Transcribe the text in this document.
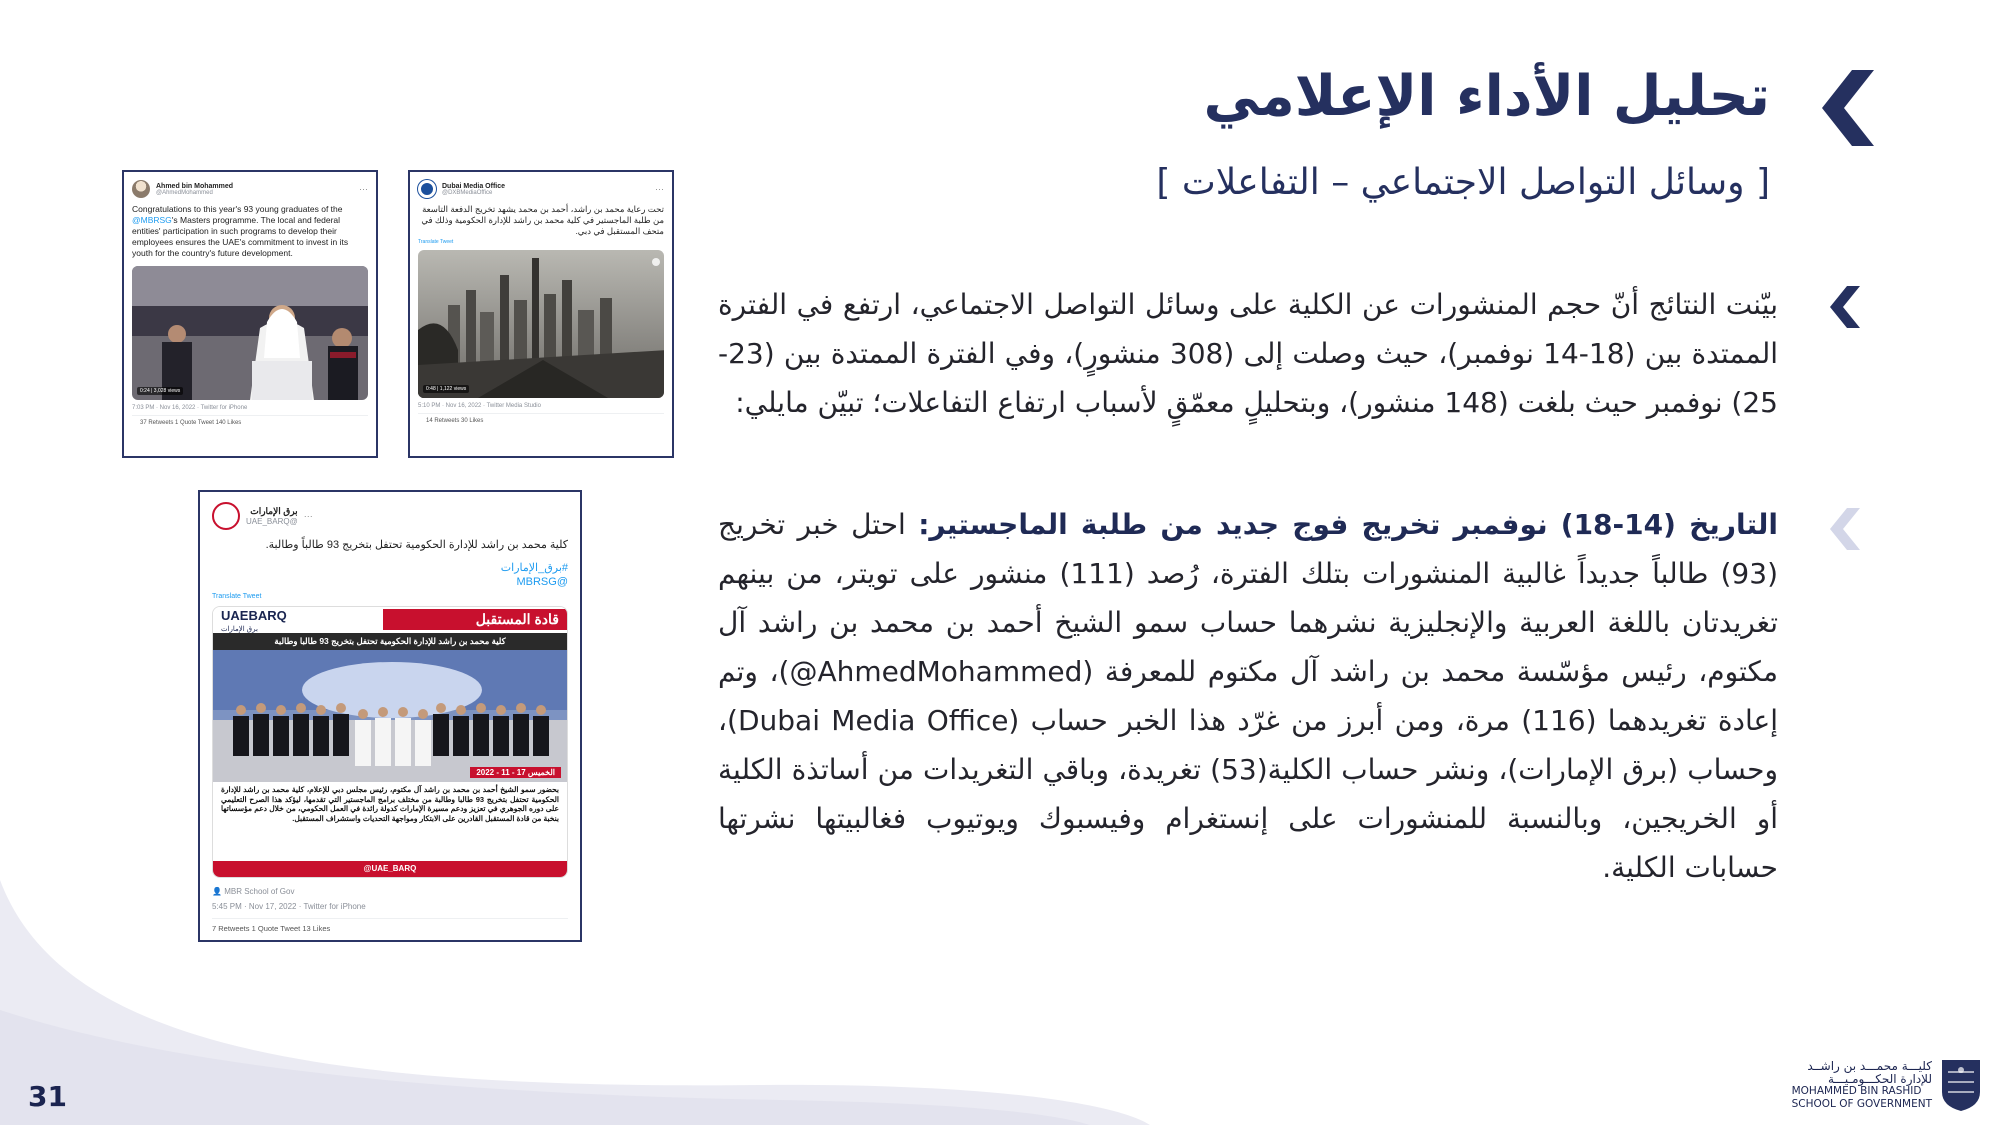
تحليل الأداء الإعلامي
[ وسائل التواصل الاجتماعي – التفاعلات ]
بيّنت النتائج أنّ حجم المنشورات عن الكلية على وسائل التواصل الاجتماعي، ارتفع في الفترة الممتدة بين (18-14 نوفمبر)، حيث وصلت إلى (308 منشورٍ)، وفي الفترة الممتدة بين (23-25) نوفمبر حيث بلغت (148 منشور)، وبتحليلٍ معمّقٍ لأسباب ارتفاع التفاعلات؛ تبيّن مايلي:
التاريخ (14-18) نوفمبر تخريج فوج جديد من طلبة الماجستير: احتل خبر تخريج (93) طالباً جديداً غالبية المنشورات بتلك الفترة، رُصد (111) منشور على تويتر، من بينهم تغريدتان باللغة العربية والإنجليزية نشرهما حساب سمو الشيخ أحمد بن محمد بن راشد آل مكتوم، رئيس مؤسّسة محمد بن راشد آل مكتوم للمعرفة (AhmedMohammed@)، وتم إعادة تغريدهما (116) مرة، ومن أبرز من غرّد هذا الخبر حساب (Dubai Media Office)، وحساب (برق الإمارات)، ونشر حساب الكلية(53) تغريدة، وباقي التغريدات من أساتذة الكلية أو الخريجين، وبالنسبة للمنشورات على إنستغرام وفيسبوك ويوتيوب فغالبيتها نشرتها حسابات الكلية.
Ahmed bin Mohammed
@AhmedMohammed	···
Congratulations to this year's 93 young graduates of the @MBRSG's Masters programme. The local and federal entities' participation in such programs to develop their employees ensures the UAE's commitment to invest in its youth for the country's future development.
0:24 | 3,028 views
7:03 PM · Nov 16, 2022 · Twitter for iPhone
37 Retweets 1 Quote Tweet 140 Likes
Dubai Media Office
@DXBMediaOffice	···
تحت رعاية محمد بن راشد، أحمد بن محمد يشهد تخريج الدفعة التاسعة من طلبة الماجستير في كلية محمد بن راشد للإدارة الحكومية وذلك في متحف المستقبل في دبي.
Translate Tweet
0:48 | 1,122 views
5:10 PM · Nov 16, 2022 · Twitter Media Studio
14 Retweets 30 Likes
···
برق الإمارات
@UAE_BARQ
كلية محمد بن راشد للإدارة الحكومية تحتفل بتخريج 93 طالباً وطالبة.
#برق_الإمارات
@MBRSG
Translate Tweet
UAEBARQ
برق الإمارات
قادة المستقبل
كلية محمد بن راشد للإدارة الحكومية تحتفل بتخريج 93 طالبا وطالبة
الخميس 17 - 11 - 2022
بحضور سمو الشيخ أحمد بن محمد بن راشد آل مكتوم، رئيس مجلس دبي للإعلام، كلية محمد بن راشد للإدارة الحكومية تحتفل بتخريج 93 طالبا وطالبة من مختلف برامج الماجستير التي تقدمها، ليؤكد هذا الصرح التعليمي على دوره الجوهري في تعزيز ودعم مسيرة الإمارات كدولة رائدة في العمل الحكومي، من خلال دعم مؤسساتها بنخبة من قادة المستقبل القادرين على الابتكار ومواجهة التحديات واستشراف المستقبل.
@UAE_BARQ
👤 MBR School of Gov
5:45 PM · Nov 17, 2022 · Twitter for iPhone
7 Retweets 1 Quote Tweet 13 Likes
31
كليـــة محمـــد بن راشــد
للإدارة الحكـــومـيـــة
MOHAMMED BIN RASHID
SCHOOL OF GOVERNMENT
